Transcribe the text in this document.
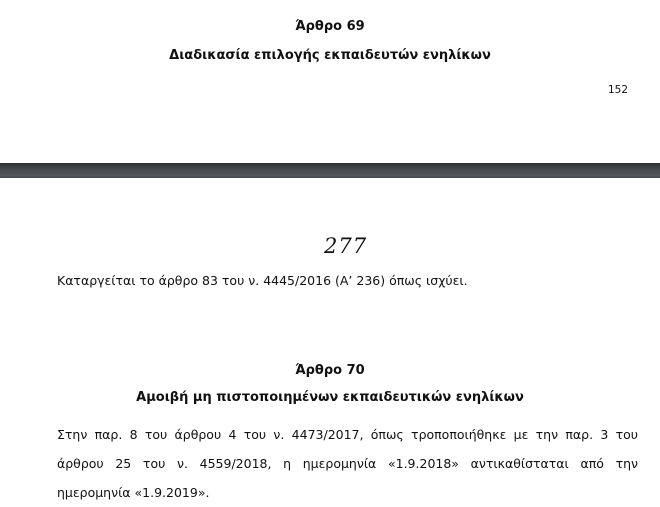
Άρθρο 69
Διαδικασία επιλογής εκπαιδευτών ενηλίκων
152
277
Καταργείται το άρθρο 83 του ν. 4445/2016 (Α’ 236) όπως ισχύει.
Άρθρο 70
Αμοιβή μη πιστοποιημένων εκπαιδευτικών ενηλίκων
Στην παρ. 8 του άρθρου 4 του ν. 4473/2017, όπως τροποποιήθηκε με την παρ. 3 του
άρθρου 25 του ν. 4559/2018, η ημερομηνία «1.9.2018» αντικαθίσταται από την
ημερομηνία «1.9.2019».
